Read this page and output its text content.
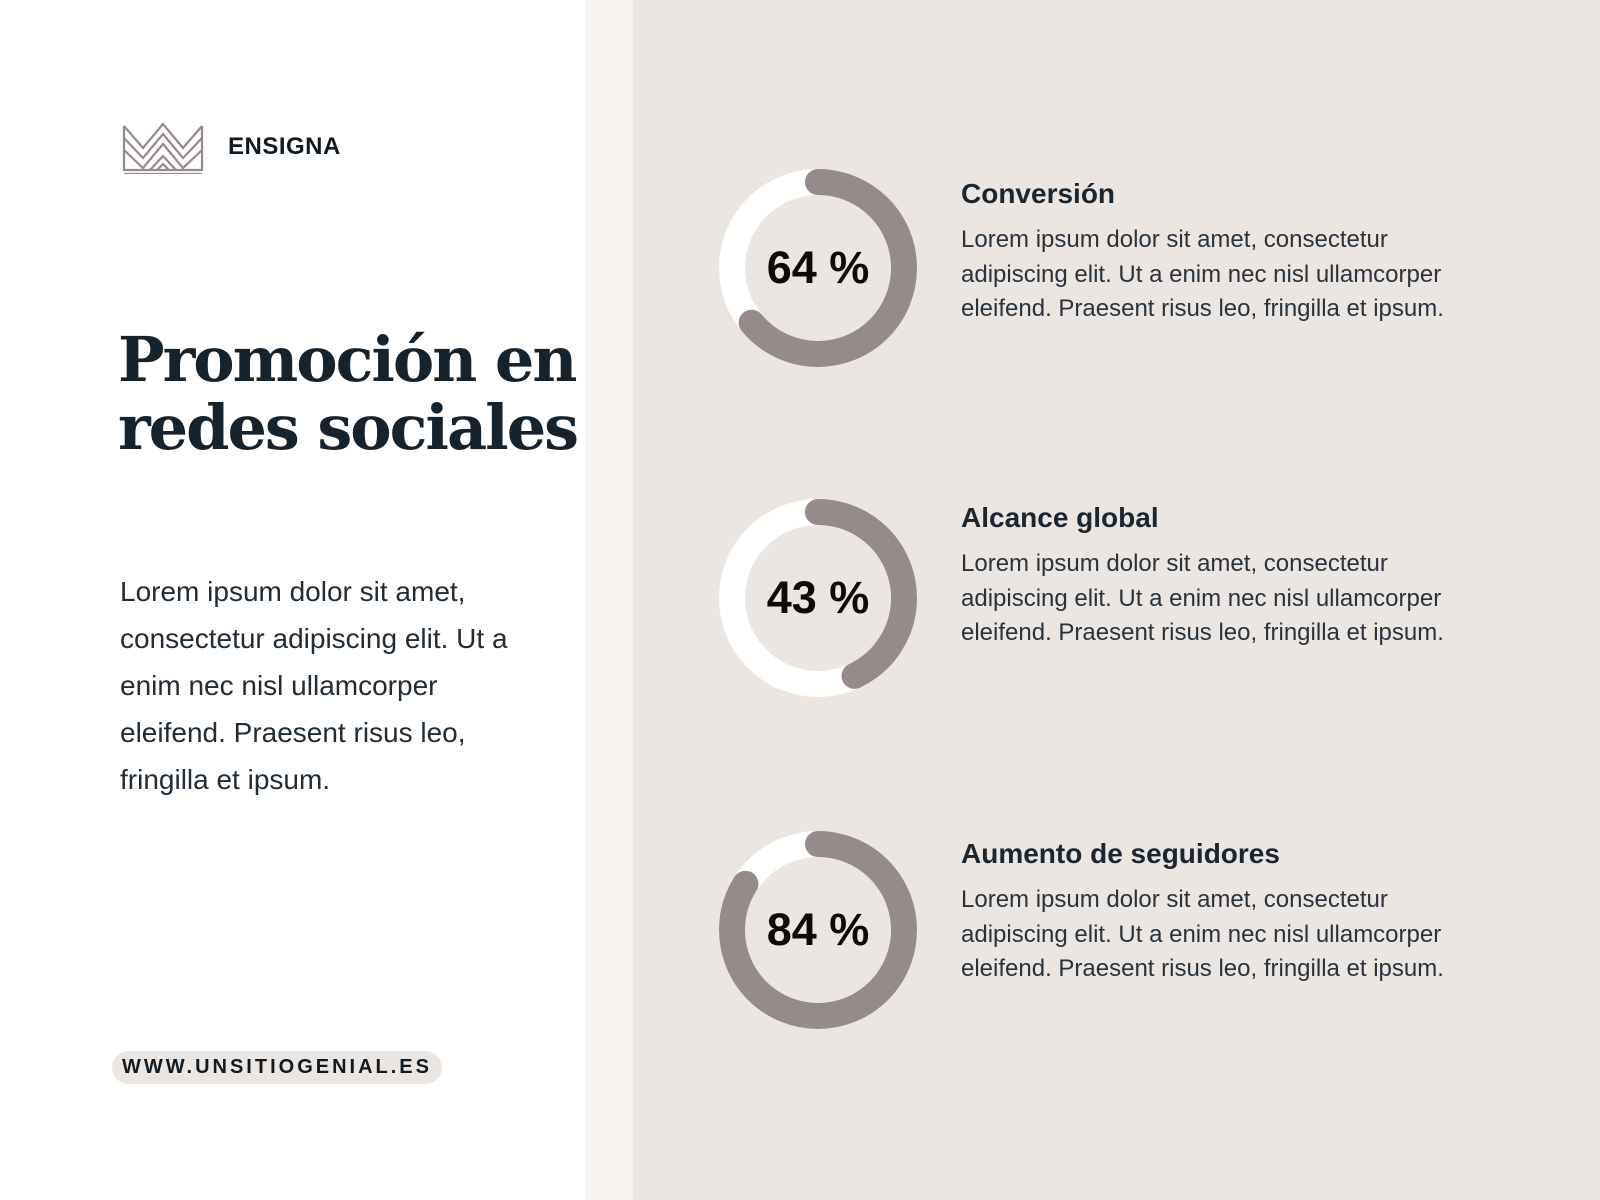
ENSIGNA
Promoción en redes sociales

Lorem ipsum dolor sit amet, consectetur adipiscing elit. Ut a enim nec nisl ullamcorper eleifend. Praesent risus leo, fringilla et ipsum.

WWW.UNSITIOGENIAL.ES
64 %
Conversión
Lorem ipsum dolor sit amet, consectetur adipiscing elit. Ut a enim nec nisl ullamcorper eleifend. Praesent risus leo, fringilla et ipsum.
43 %
Alcance global
Lorem ipsum dolor sit amet, consectetur adipiscing elit. Ut a enim nec nisl ullamcorper eleifend. Praesent risus leo, fringilla et ipsum.
84 %
Aumento de seguidores
Lorem ipsum dolor sit amet, consectetur adipiscing elit. Ut a enim nec nisl ullamcorper eleifend. Praesent risus leo, fringilla et ipsum.
